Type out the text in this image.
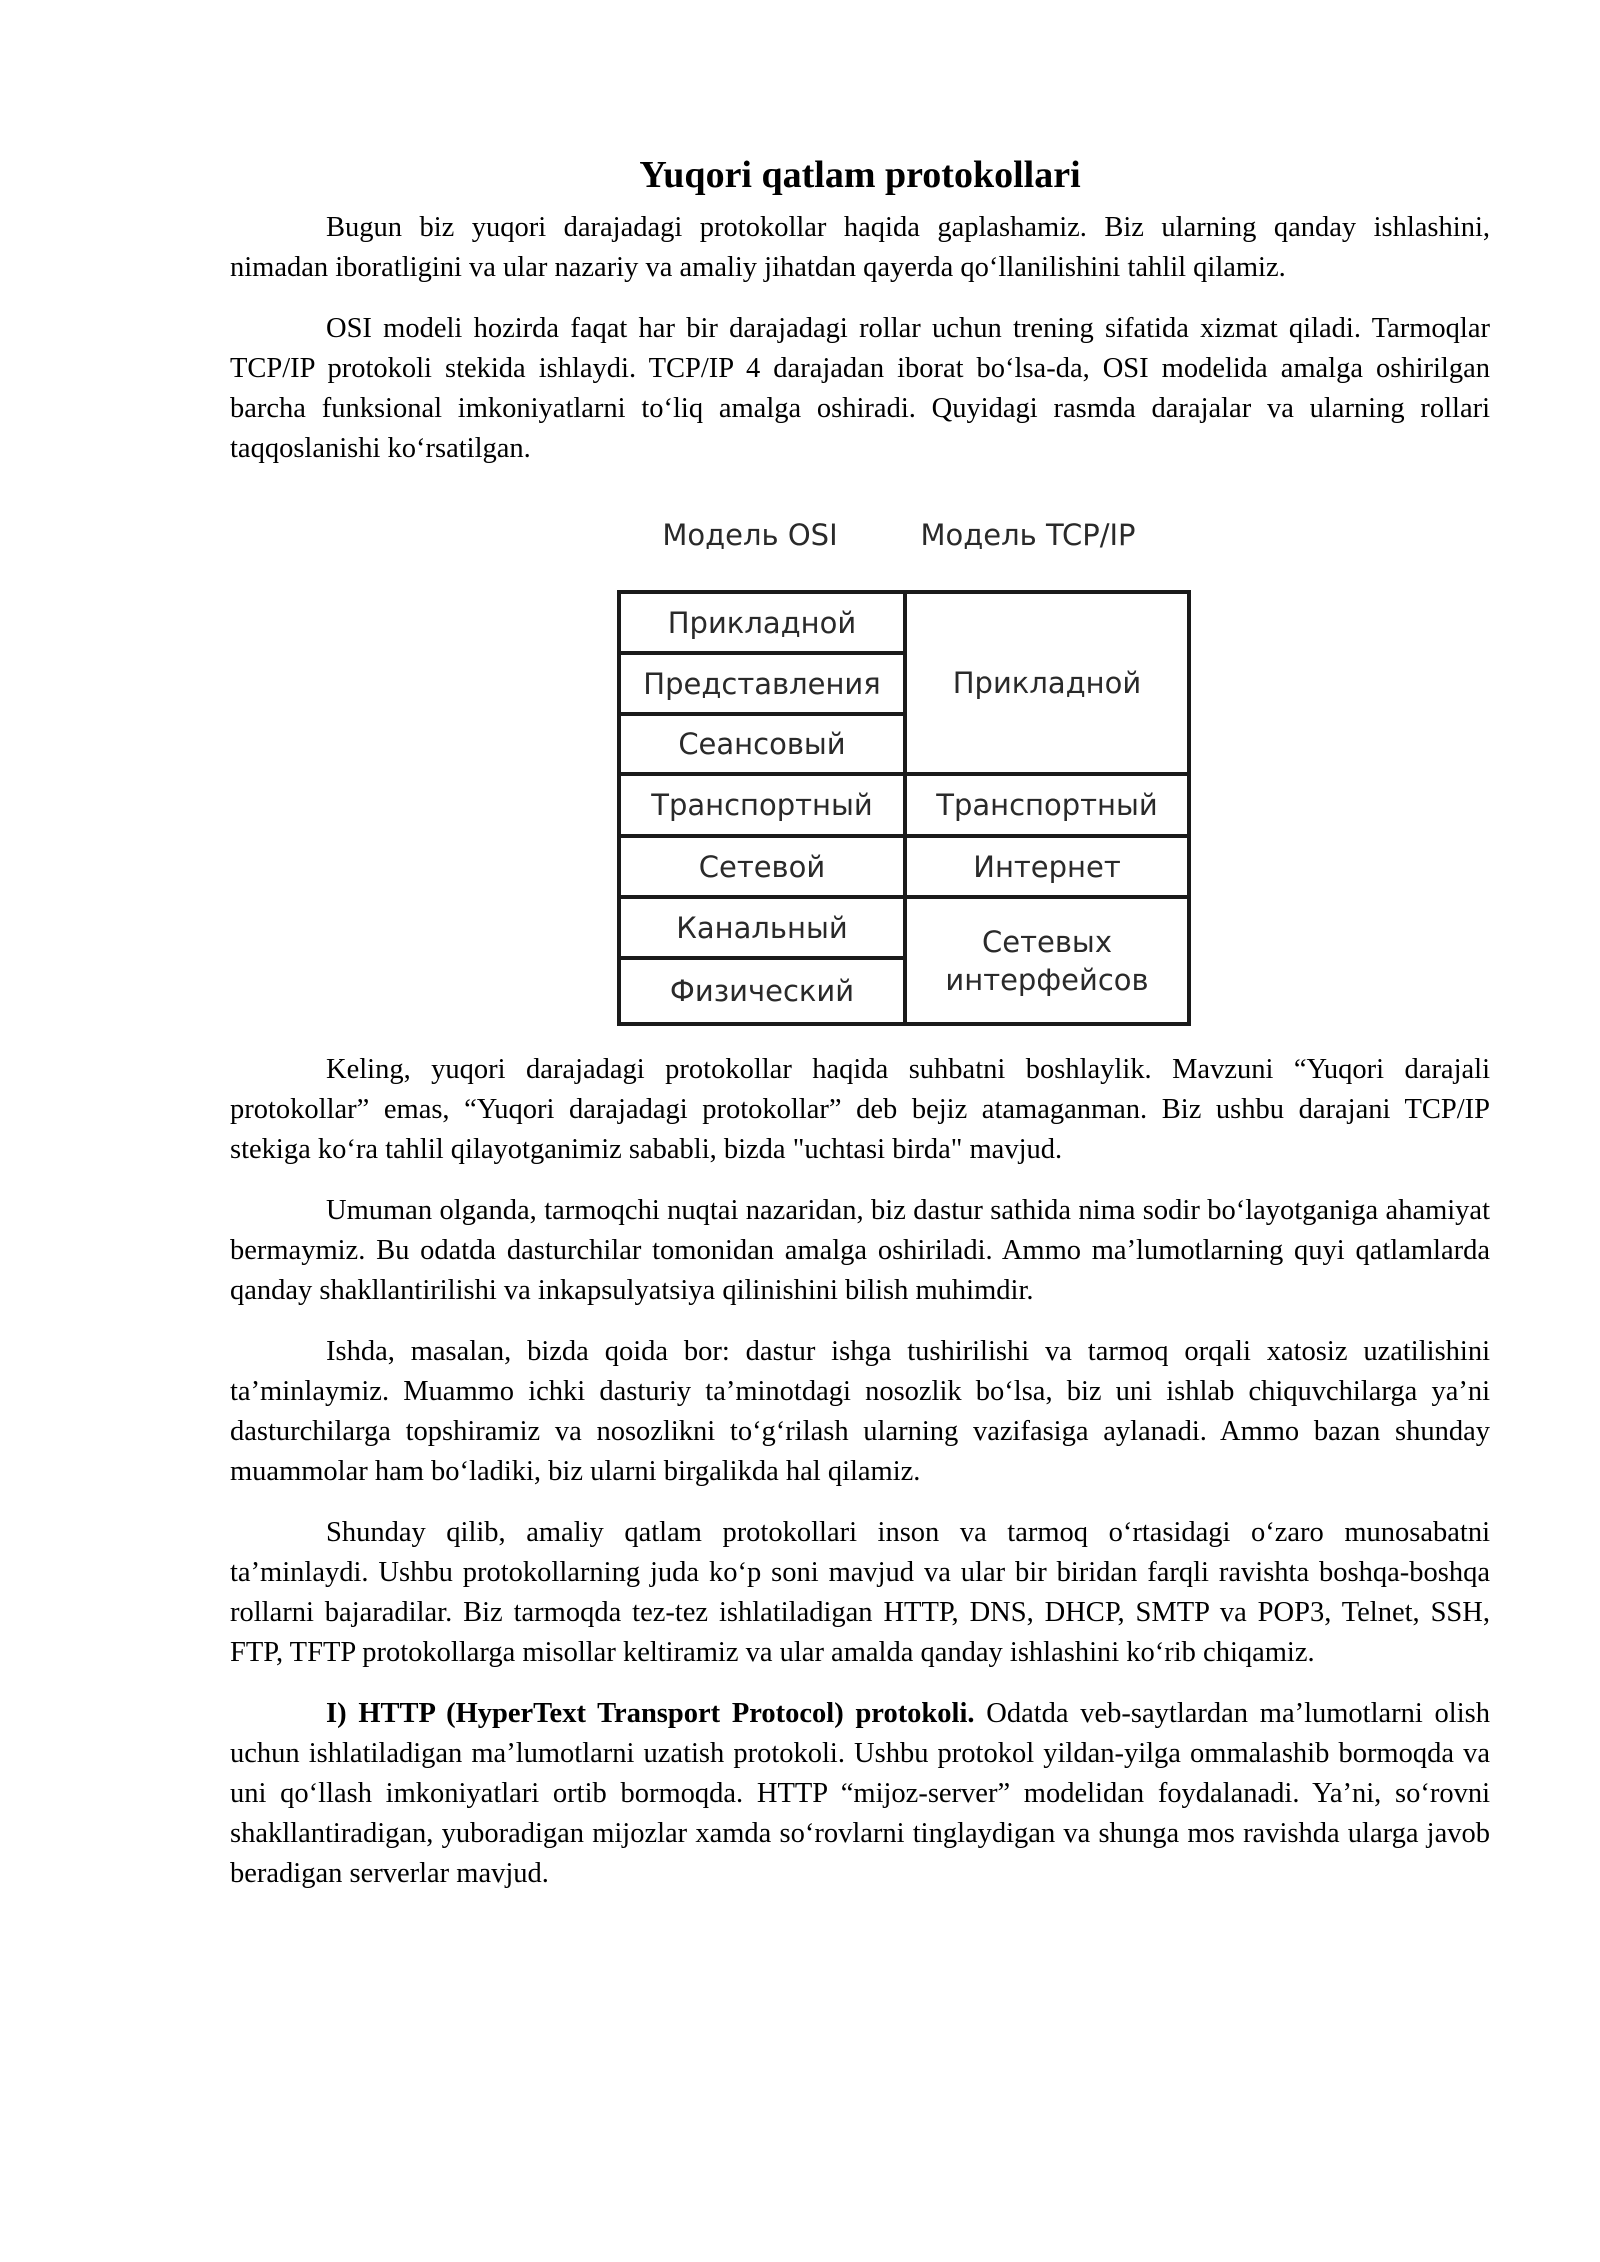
Yuqori qatlam protokollari

Bugun biz yuqori darajadagi protokollar haqida gaplashamiz. Biz ularning qanday ishlashini, nimadan iboratligini va ular nazariy va amaliy jihatdan qayerda qo‘llanilishini tahlil qilamiz.

OSI modeli hozirda faqat har bir darajadagi rollar uchun trening sifatida xizmat qiladi. Tarmoqlar TCP/IP protokoli stekida ishlaydi. TCP/IP 4 darajadan iborat bo‘lsa-da, OSI modelida amalga oshirilgan barcha funksional imkoniyatlarni to‘liq amalga oshiradi. Quyidagi rasmda darajalar va ularning rollari taqqoslanishi ko‘rsatilgan.

Модель OSI	Модель TCP/IP
Прикладной
Представления
Сеансовый
Транспортный
Сетевой
Канальный
Физический
Прикладной
Транспортный
Интернет
Сетевых интерфейсов

Keling, yuqori darajadagi protokollar haqida suhbatni boshlaylik. Mavzuni “Yuqori darajali protokollar” emas, “Yuqori darajadagi protokollar” deb bejiz atamaganman. Biz ushbu darajani TCP/IP stekiga ko‘ra tahlil qilayotganimiz sababli, bizda "uchtasi birda" mavjud.

Umuman olganda, tarmoqchi nuqtai nazaridan, biz dastur sathida nima sodir bo‘layotganiga ahamiyat bermaymiz. Bu odatda dasturchilar tomonidan amalga oshiriladi. Ammo ma’lumotlarning quyi qatlamlarda qanday shakllantirilishi va inkapsulyatsiya qilinishini bilish muhimdir.

Ishda, masalan, bizda qoida bor: dastur ishga tushirilishi va tarmoq orqali xatosiz uzatilishini ta’minlaymiz. Muammo ichki dasturiy ta’minotdagi nosozlik bo‘lsa, biz uni ishlab chiquvchilarga ya’ni dasturchilarga topshiramiz va nosozlikni to‘g‘rilash ularning vazifasiga aylanadi. Ammo bazan shunday muammolar ham bo‘ladiki, biz ularni birgalikda hal qilamiz.

Shunday qilib, amaliy qatlam protokollari inson va tarmoq o‘rtasidagi o‘zaro munosabatni ta’minlaydi. Ushbu protokollarning juda ko‘p soni mavjud va ular bir biridan farqli ravishta boshqa-boshqa rollarni bajaradilar. Biz tarmoqda tez-tez ishlatiladigan HTTP, DNS, DHCP, SMTP va POP3, Telnet, SSH, FTP, TFTP protokollarga misollar keltiramiz va ular amalda qanday ishlashini ko‘rib chiqamiz.

I) HTTP (HyperText Transport Protocol) protokoli. Odatda veb-saytlardan ma’lumotlarni olish uchun ishlatiladigan ma’lumotlarni uzatish protokoli. Ushbu protokol yildan-yilga ommalashib bormoqda va uni qo‘llash imkoniyatlari ortib bormoqda. HTTP “mijoz-server” modelidan foydalanadi. Ya’ni, so‘rovni shakllantiradigan, yuboradigan mijozlar xamda so‘rovlarni tinglaydigan va shunga mos ravishda ularga javob beradigan serverlar mavjud.
